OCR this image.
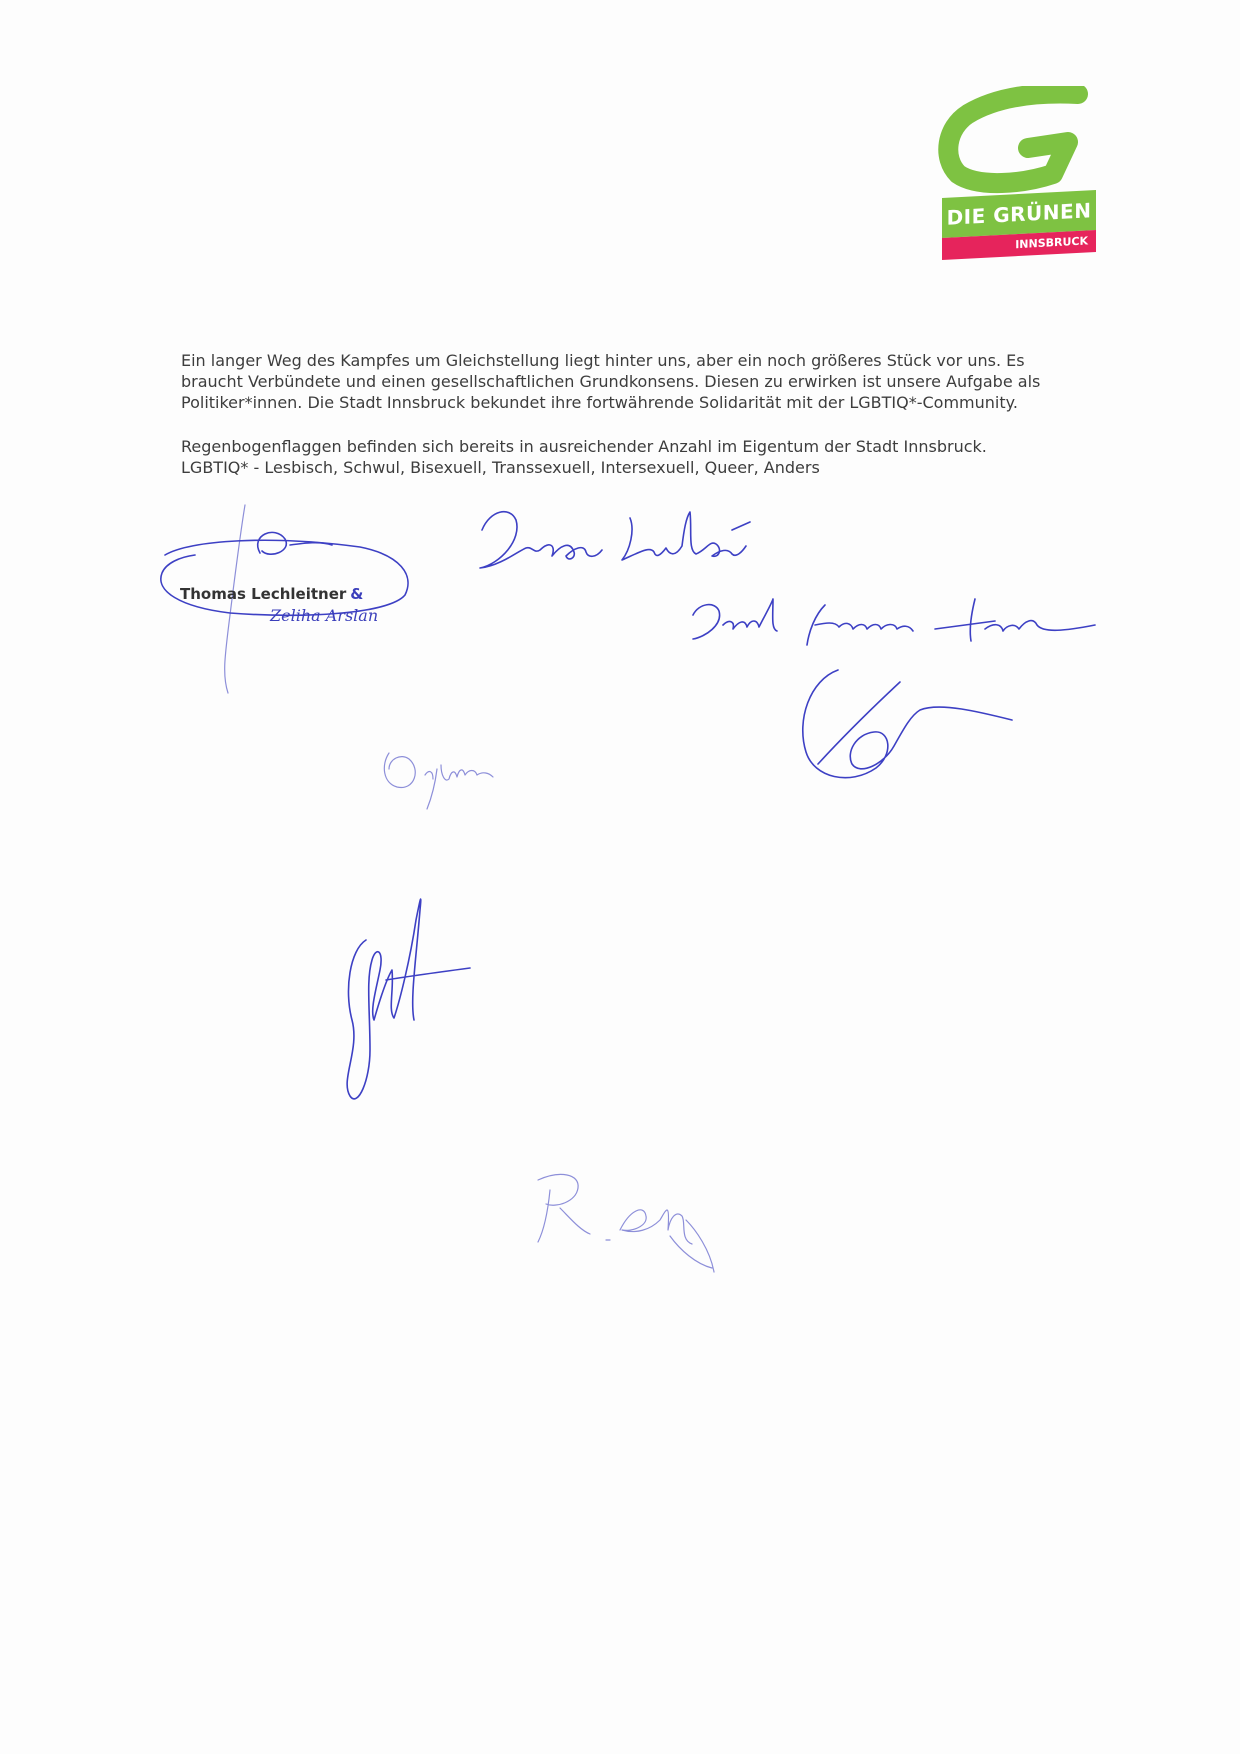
DIE GRÜNEN
INNSBRUCK

Ein langer Weg des Kampfes um Gleichstellung liegt hinter uns, aber ein noch größeres Stück vor uns. Es
braucht Verbündete und einen gesellschaftlichen Grundkonsens. Diesen zu erwirken ist unsere Aufgabe als
Politiker*innen. Die Stadt Innsbruck bekundet ihre fortwährende Solidarität mit der LGBTIQ*-Community.

Regenbogenflaggen befinden sich bereits in ausreichender Anzahl im Eigentum der Stadt Innsbruck.
LGBTIQ* - Lesbisch, Schwul, Bisexuell, Transsexuell, Intersexuell, Queer, Anders

Thomas Lechleitner &
Zeliha Arslan
